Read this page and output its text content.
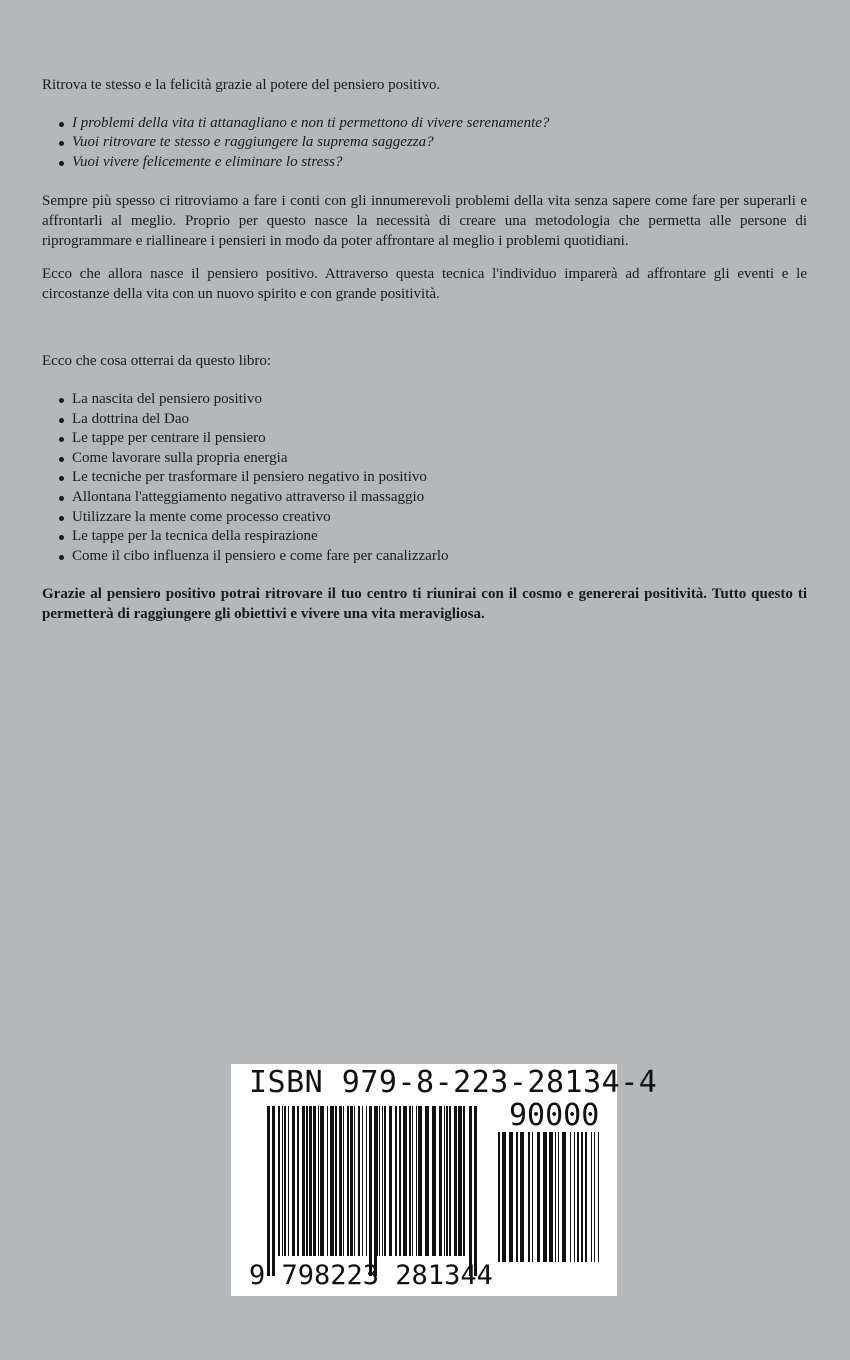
Ritrova te stesso e la felicità grazie al potere del pensiero positivo.

I problemi della vita ti attanagliano e non ti permettono di vivere serenamente?
Vuoi ritrovare te stesso e raggiungere la suprema saggezza?
Vuoi vivere felicemente e eliminare lo stress?

Sempre più spesso ci ritroviamo a fare i conti con gli innumerevoli problemi della vita senza sapere come fare per superarli e affrontarli al meglio. Proprio per questo nasce la necessità di creare una metodologia che permetta alle persone di riprogrammare e riallineare i pensieri in modo da poter affrontare al meglio i problemi quotidiani.

Ecco che allora nasce il pensiero positivo. Attraverso questa tecnica l'individuo imparerà ad affrontare gli eventi e le circostanze della vita con un nuovo spirito e con grande positività.

Ecco che cosa otterrai da questo libro:

La nascita del pensiero positivo
La dottrina del Dao
Le tappe per centrare il pensiero
Come lavorare sulla propria energia
Le tecniche per trasformare il pensiero negativo in positivo
Allontana l'atteggiamento negativo attraverso il massaggio
Utilizzare la mente come processo creativo
Le tappe per la tecnica della respirazione
Come il cibo influenza il pensiero e come fare per canalizzarlo

Grazie al pensiero positivo potrai ritrovare il tuo centro ti riunirai con il cosmo e genererai positività. Tutto questo ti permetterà di raggiungere gli obiettivi e vivere una vita meravigliosa.

ISBN 979-8-223-28134-4
90000
9 798223 281344
